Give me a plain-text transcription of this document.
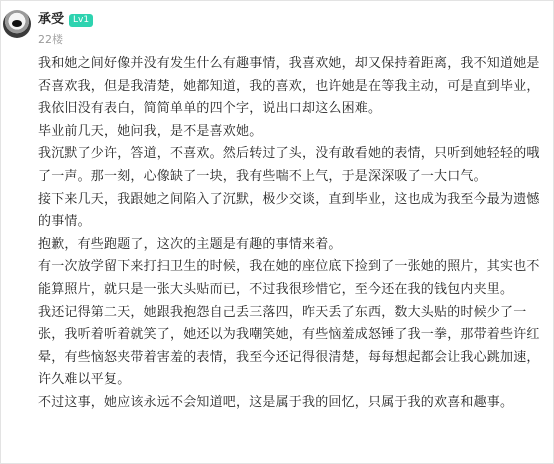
承受 Lv1
22楼

我和她之间好像并没有发生什么有趣事情，我喜欢她，却又保持着距离，我不知道她是否喜欢我，但是我清楚，她都知道，我的喜欢，也许她是在等我主动，可是直到毕业，我依旧没有表白，简简单单的四个字，说出口却这么困难。

毕业前几天，她问我，是不是喜欢她。

我沉默了少许，答道，不喜欢。然后转过了头，没有敢看她的表情，只听到她轻轻的哦了一声。那一刻，心像缺了一块，我有些喘不上气，于是深深吸了一大口气。

接下来几天，我跟她之间陷入了沉默，极少交谈，直到毕业，这也成为我至今最为遗憾的事情。

抱歉，有些跑题了，这次的主题是有趣的事情来着。

有一次放学留下来打扫卫生的时候，我在她的座位底下捡到了一张她的照片，其实也不能算照片，就只是一张大头贴而已，不过我很珍惜它，至今还在我的钱包内夹里。

我还记得第二天，她跟我抱怨自己丢三落四，昨天丢了东西，数大头贴的时候少了一张，我听着听着就笑了，她还以为我嘲笑她，有些恼羞成怒锤了我一拳，那带着些许红晕，有些恼怒夹带着害羞的表情，我至今还记得很清楚，每每想起都会让我心跳加速，许久难以平复。

不过这事，她应该永远不会知道吧，这是属于我的回忆，只属于我的欢喜和趣事。
